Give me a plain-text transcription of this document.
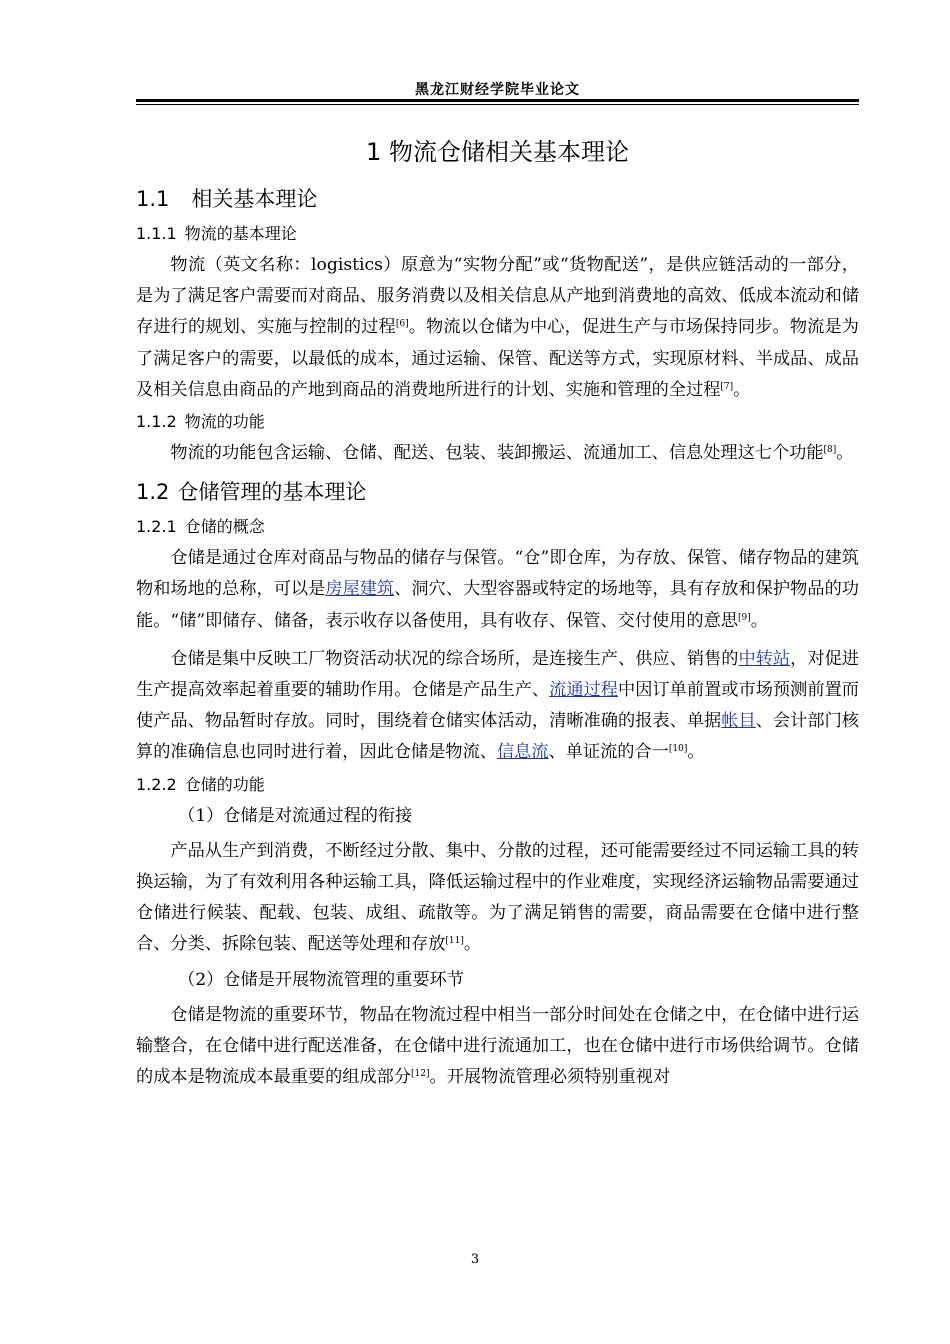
黑龙江财经学院毕业论文
1 物流仓储相关基本理论
1.1 相关基本理论
1.1.1 物流的基本理论

物流（英文名称：logistics）原意为“实物分配”或“货物配送”，是供应链活动的一部分，是为了满足客户需要而对商品、服务消费以及相关信息从产地到消费地的高效、低成本流动和储存进行的规划、实施与控制的过程[6]。物流以仓储为中心，促进生产与市场保持同步。物流是为了满足客户的需要，以最低的成本，通过运输、保管、配送等方式，实现原材料、半成品、成品及相关信息由商品的产地到商品的消费地所进行的计划、实施和管理的全过程[7]。

1.1.2 物流的功能

物流的功能包含运输、仓储、配送、包装、装卸搬运、流通加工、信息处理这七个功能[8]。

1.2 仓储管理的基本理论
1.2.1 仓储的概念

仓储是通过仓库对商品与物品的储存与保管。“仓”即仓库，为存放、保管、储存物品的建筑物和场地的总称，可以是房屋建筑、洞穴、大型容器或特定的场地等，具有存放和保护物品的功能。“储”即储存、储备，表示收存以备使用，具有收存、保管、交付使用的意思[9]。

仓储是集中反映工厂物资活动状况的综合场所，是连接生产、供应、销售的中转站，对促进生产提高效率起着重要的辅助作用。仓储是产品生产、流通过程中因订单前置或市场预测前置而使产品、物品暂时存放。同时，围绕着仓储实体活动，清晰准确的报表、单据帐目、会计部门核算的准确信息也同时进行着，因此仓储是物流、信息流、单证流的合一[10]。

1.2.2 仓储的功能

（1）仓储是对流通过程的衔接

产品从生产到消费，不断经过分散、集中、分散的过程，还可能需要经过不同运输工具的转换运输，为了有效利用各种运输工具，降低运输过程中的作业难度，实现经济运输物品需要通过仓储进行候装、配载、包装、成组、疏散等。为了满足销售的需要，商品需要在仓储中进行整合、分类、拆除包装、配送等处理和存放[11]。

（2）仓储是开展物流管理的重要环节

仓储是物流的重要环节，物品在物流过程中相当一部分时间处在仓储之中，在仓储中进行运输整合，在仓储中进行配送准备，在仓储中进行流通加工，也在仓储中进行市场供给调节。仓储的成本是物流成本最重要的组成部分[12]。开展物流管理必须特别重视对

3
